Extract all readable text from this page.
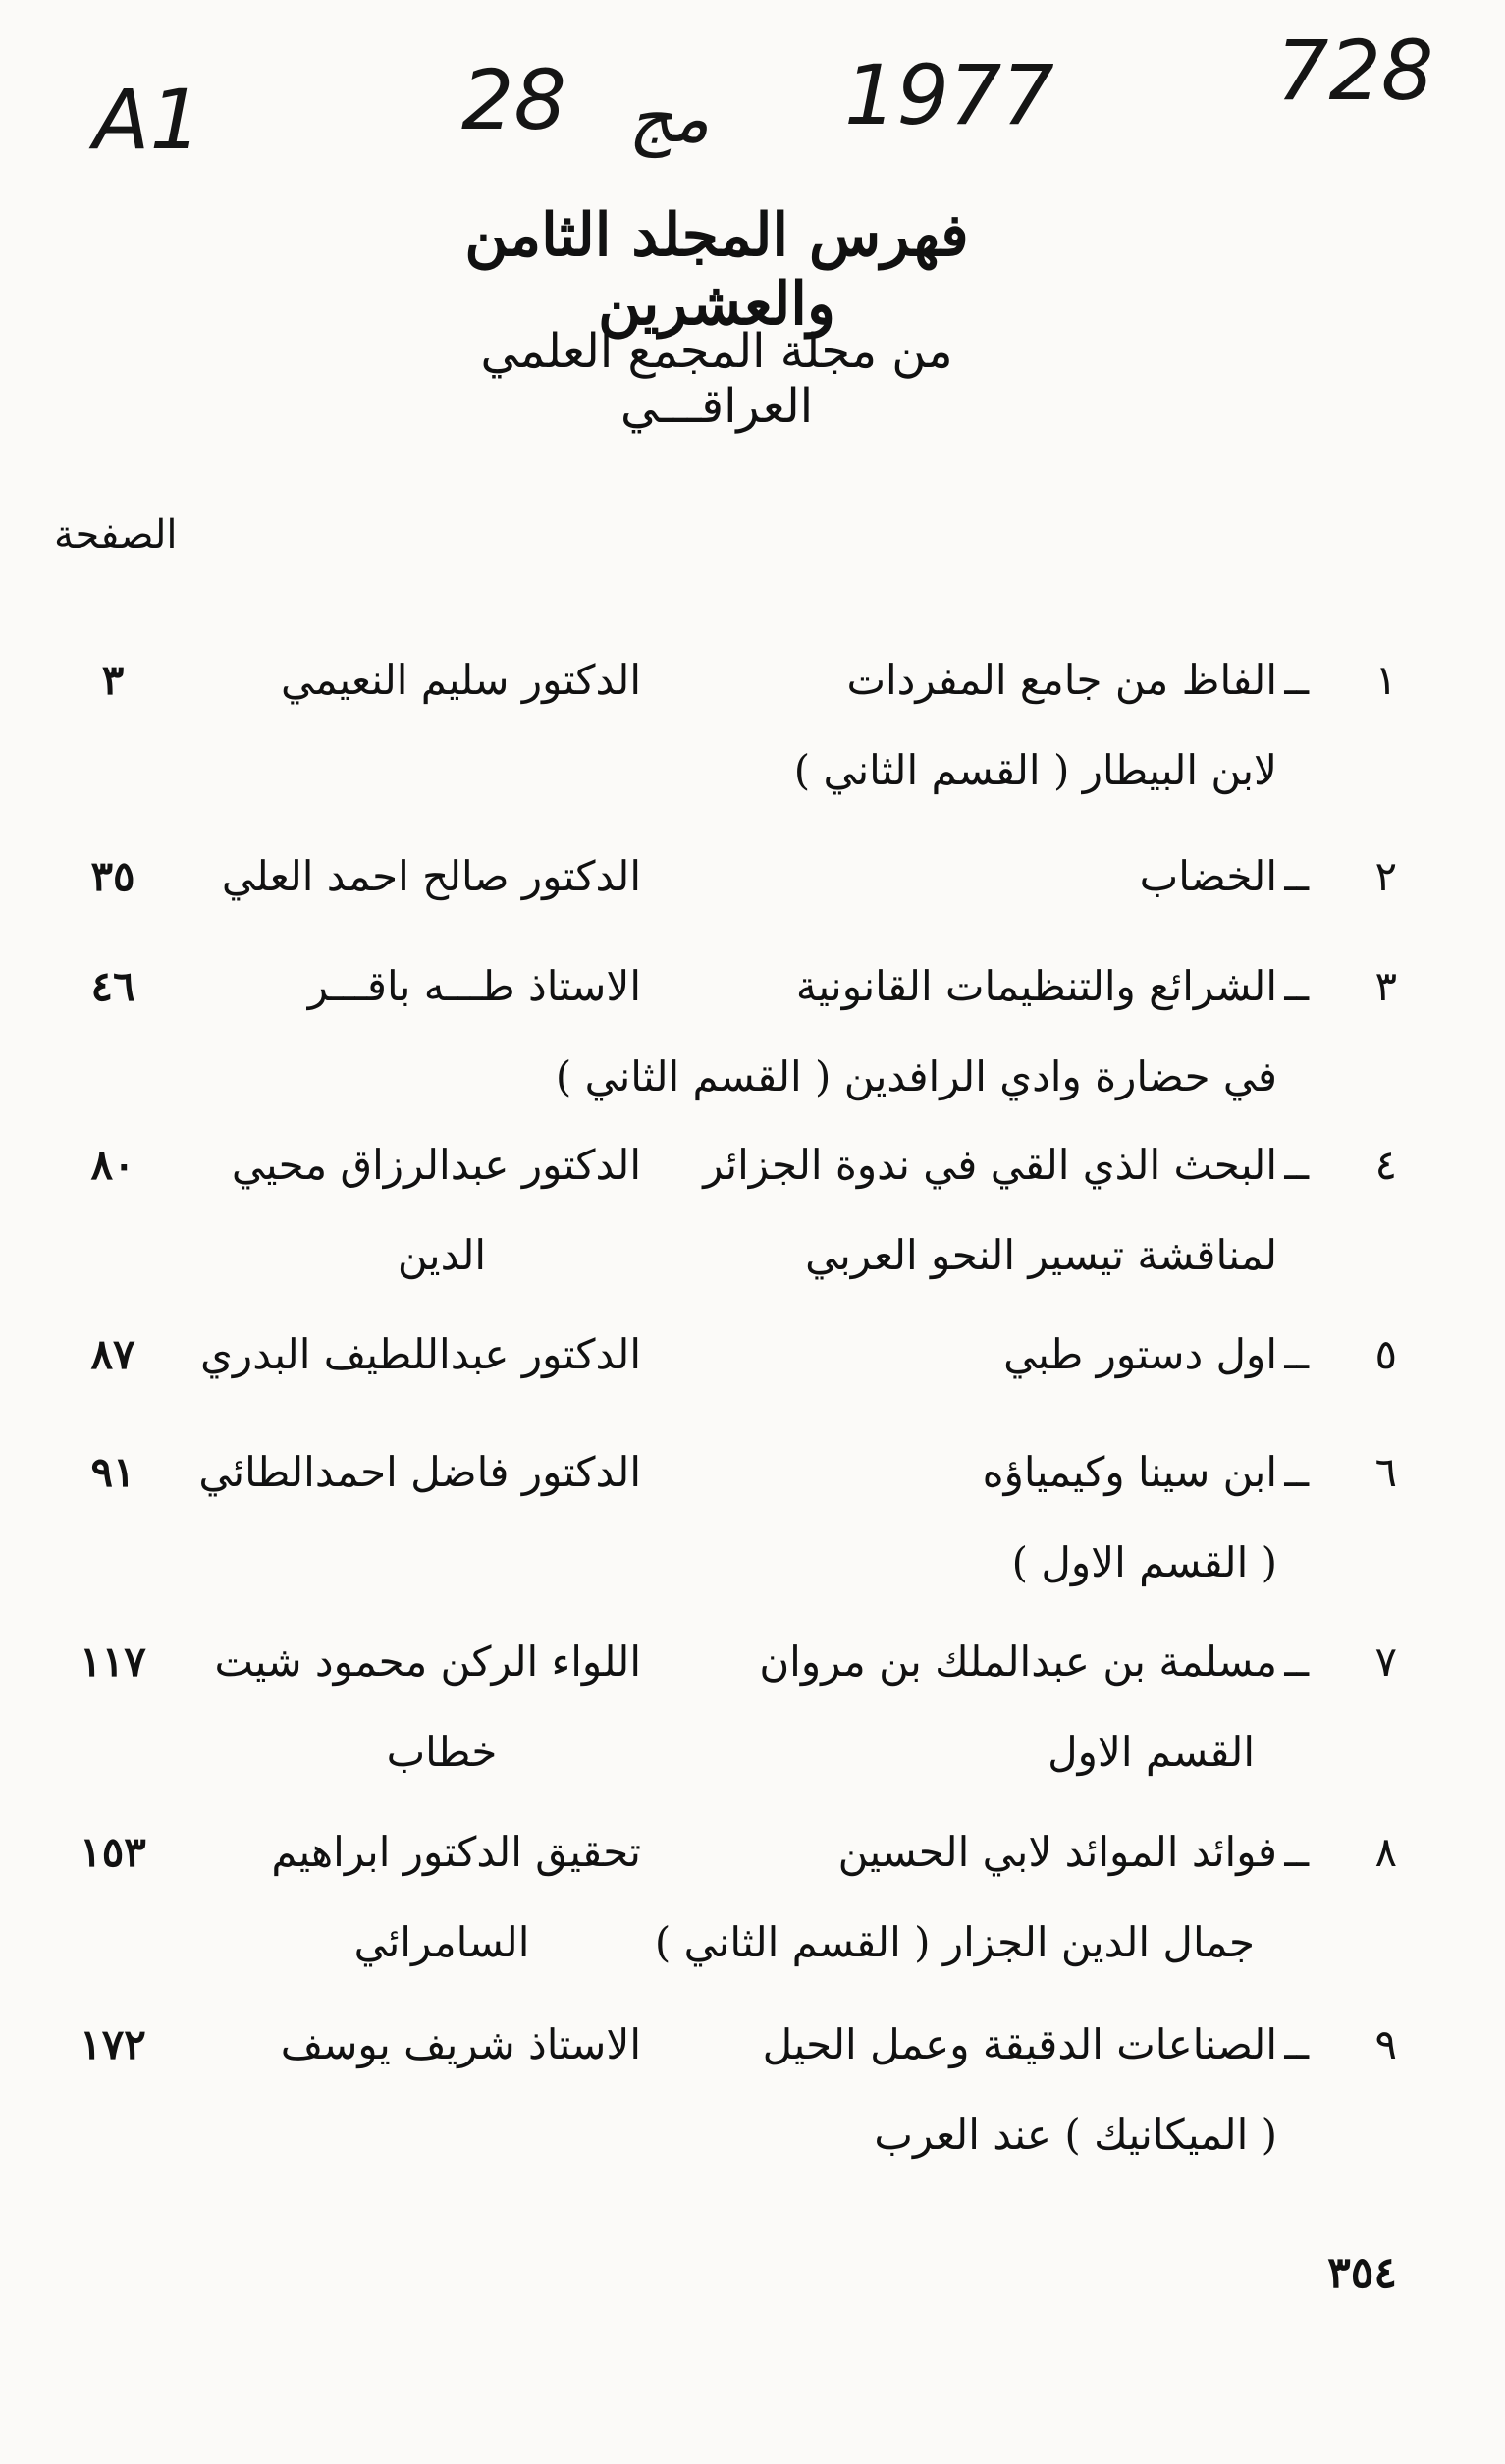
A1	28 مج 1977	728
فهرس المجلد الثامن والعشرين
من مجلة المجمع العلمي العراقـــي
الصفحة
١
ــ
الفاظ من جامع المفردات
لابن البيطار ( القسم الثاني )
الدكتور سليم النعيمي
٣
٢
ــ
الخضاب
الدكتور صالح احمد العلي
٣٥
٣
ــ
الشرائع والتنظيمات القانونية
في حضارة وادي الرافدين ( القسم الثاني )
الاستاذ طـــه باقـــر
٤٦
٤
ــ
البحث الذي القي في ندوة الجزائر
لمناقشة تيسير النحو العربي
الدكتور عبدالرزاق محيي
الدين
٨٠
٥
ــ
اول دستور طبي
الدكتور عبداللطيف البدري
٨٧
٦
ــ
ابن سينا وكيمياؤه
( القسم الاول )
الدكتور فاضل احمدالطائي
٩١
٧
ــ
مسلمة بن عبدالملك بن مروان
القسم الاول
اللواء الركن محمود شيت
خطاب
١١٧
٨
ــ
فوائد الموائد لابي الحسين
جمال الدين الجزار ( القسم الثاني )
تحقيق الدكتور ابراهيم
السامرائي
١٥٣
٩
ــ
الصناعات الدقيقة وعمل الحيل
( الميكانيك ) عند العرب
الاستاذ شريف يوسف
١٧٢
٣٥٤
